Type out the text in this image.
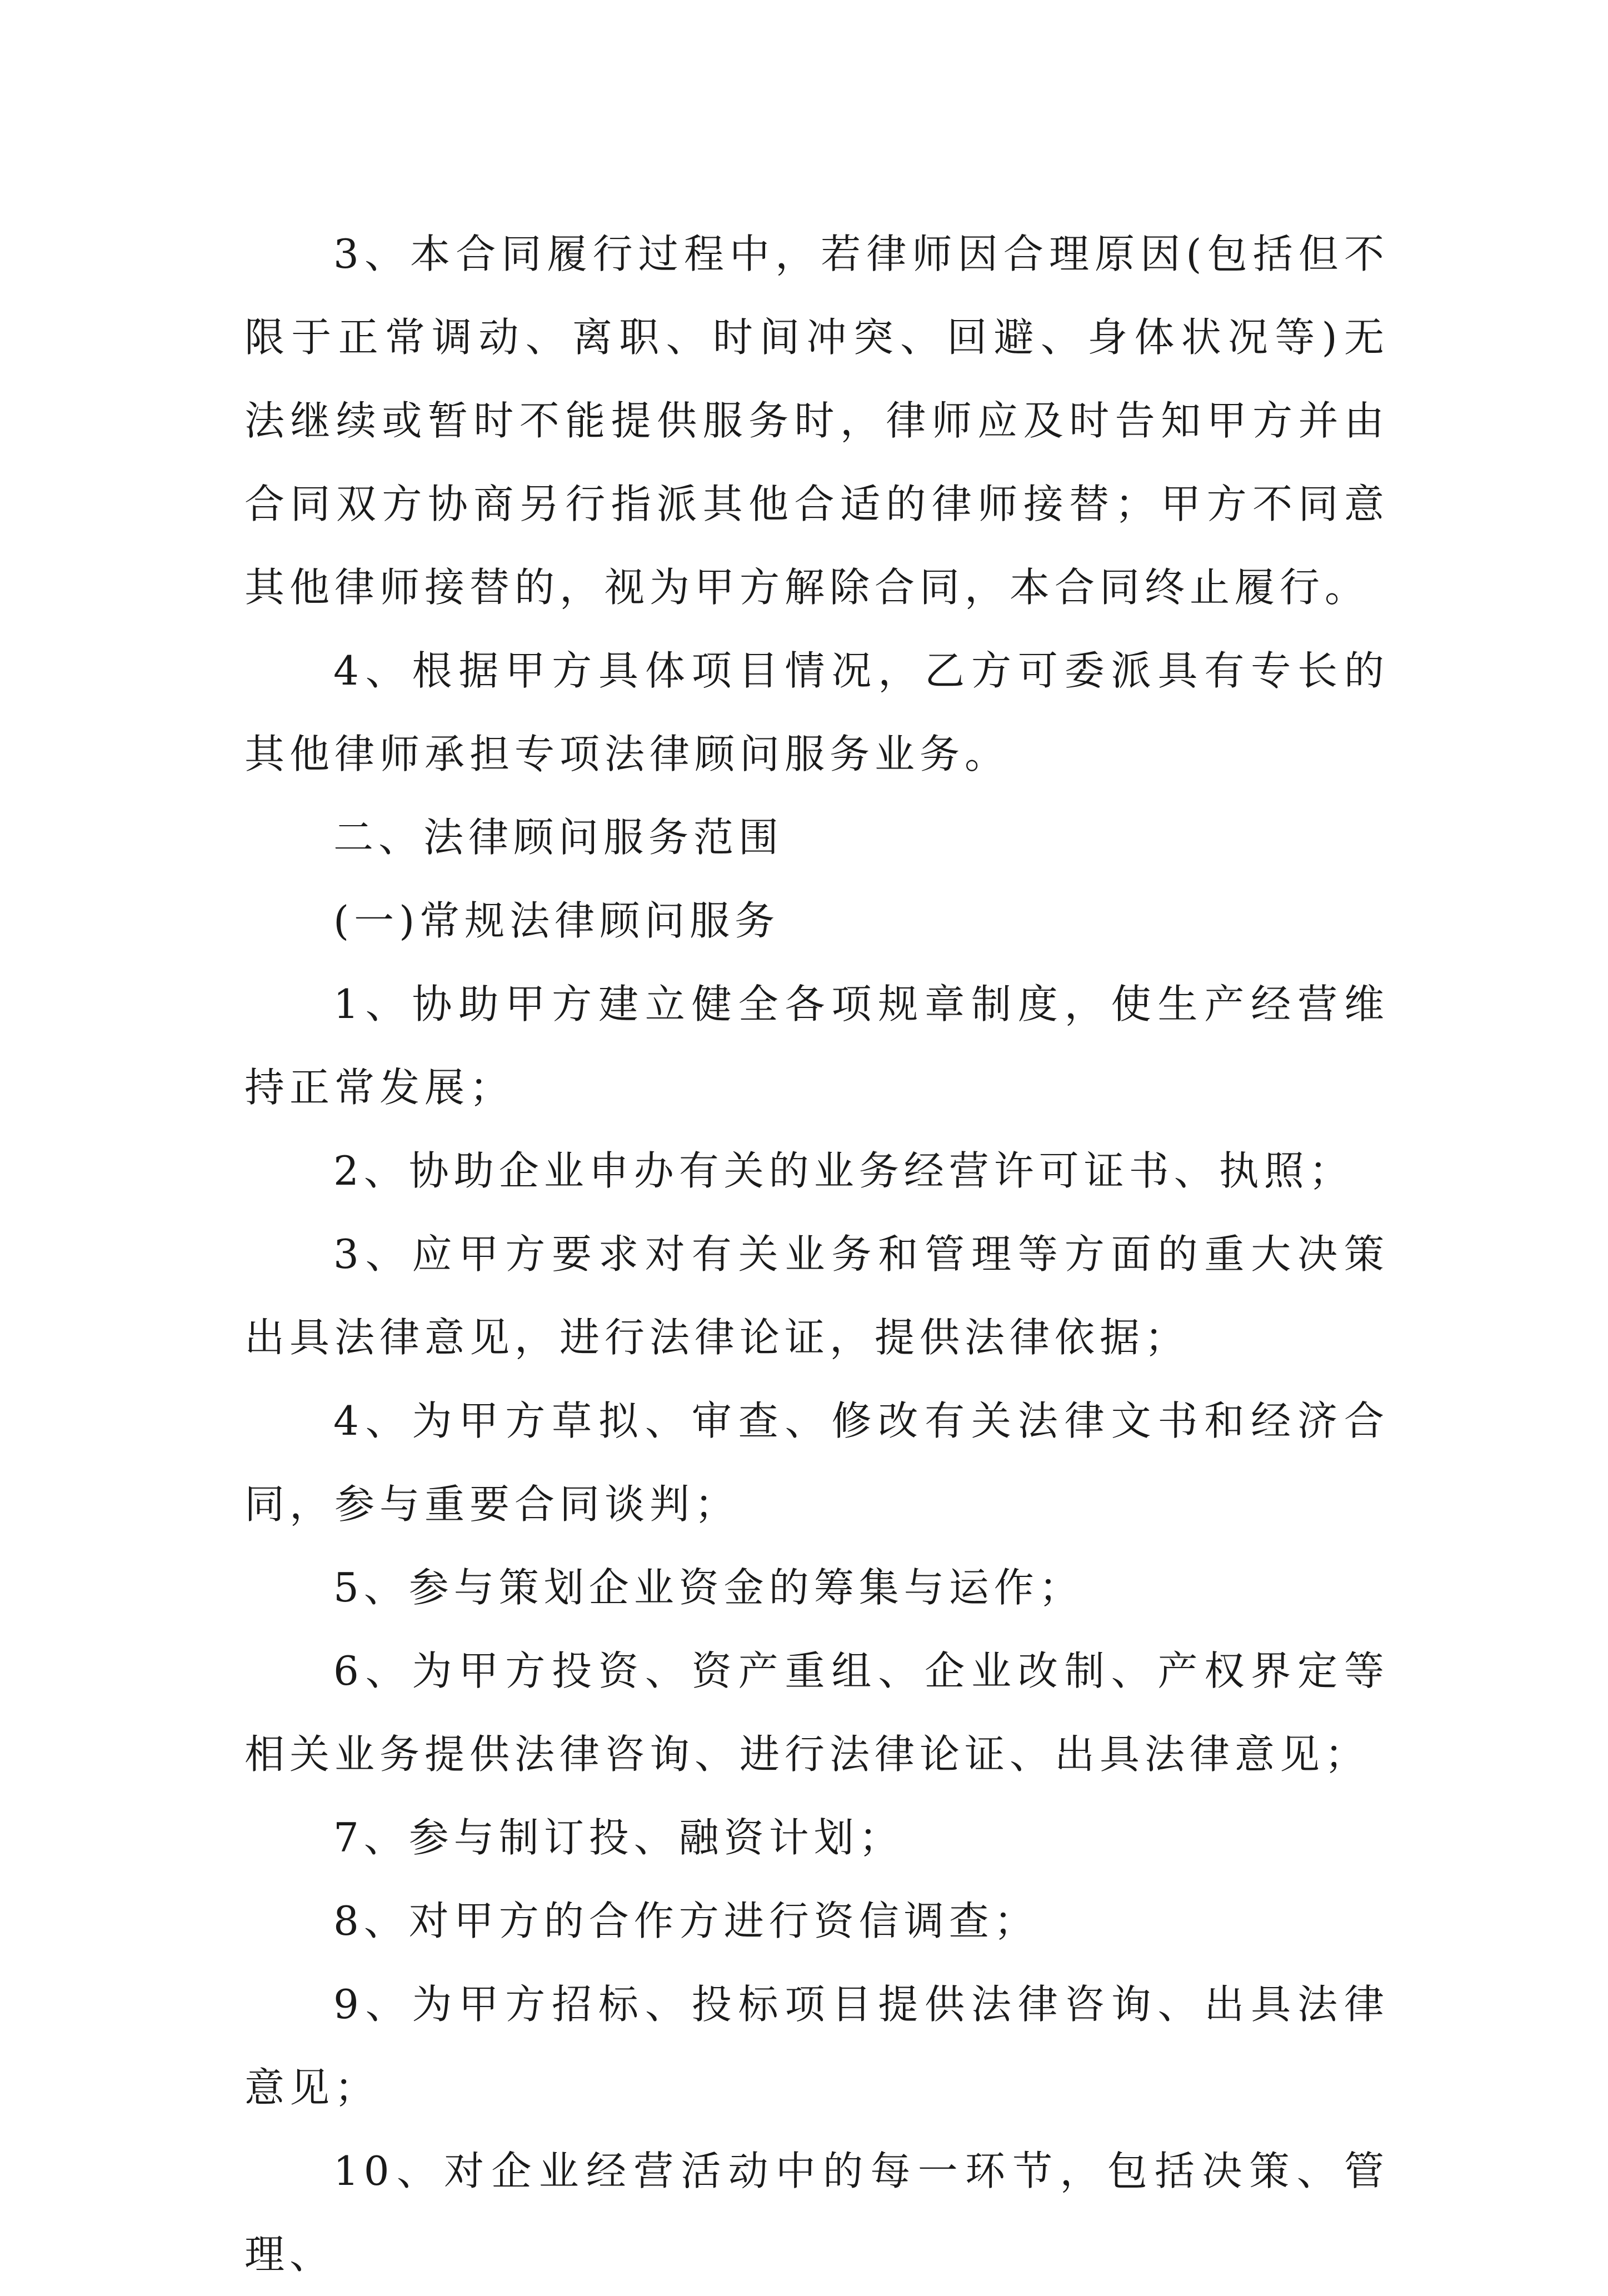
3、本合同履行过程中，若律师因合理原因(包括但不限于正常调动、离职、时间冲突、回避、身体状况等)无法继续或暂时不能提供服务时，律师应及时告知甲方并由合同双方协商另行指派其他合适的律师接替；甲方不同意其他律师接替的，视为甲方解除合同，本合同终止履行。

4、根据甲方具体项目情况，乙方可委派具有专长的其他律师承担专项法律顾问服务业务。

二、法律顾问服务范围

(一)常规法律顾问服务

1、协助甲方建立健全各项规章制度，使生产经营维持正常发展；

2、协助企业申办有关的业务经营许可证书、执照；

3、应甲方要求对有关业务和管理等方面的重大决策出具法律意见，进行法律论证，提供法律依据；

4、为甲方草拟、审查、修改有关法律文书和经济合同，参与重要合同谈判；

5、参与策划企业资金的筹集与运作；

6、为甲方投资、资产重组、企业改制、产权界定等相关业务提供法律咨询、进行法律论证、出具法律意见；

7、参与制订投、融资计划；

8、对甲方的合作方进行资信调查；

9、为甲方招标、投标项目提供法律咨询、出具法律意见；

10、对企业经营活动中的每一环节，包括决策、管理、
